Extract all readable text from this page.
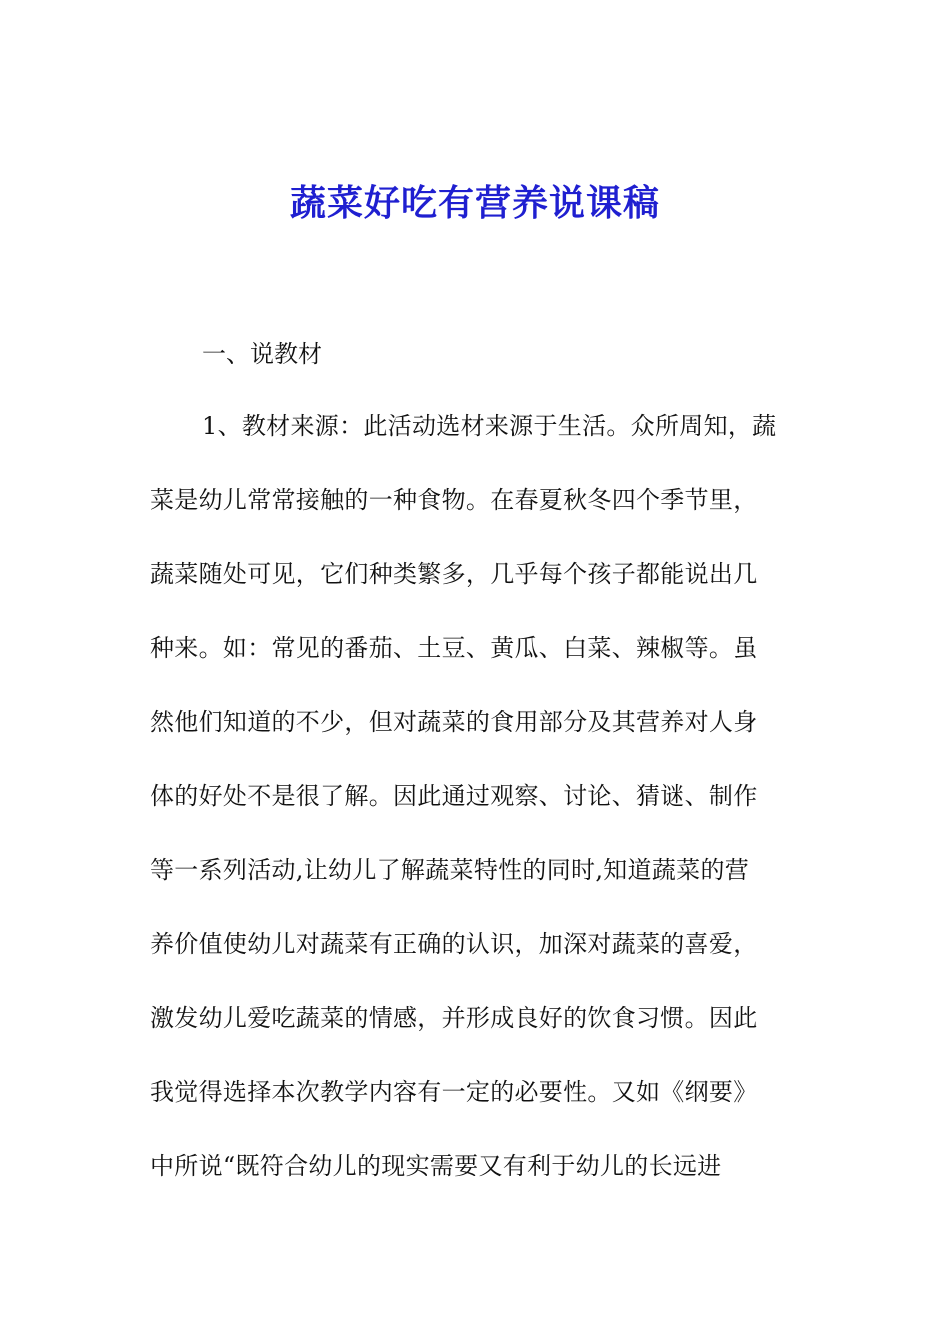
蔬菜好吃有营养说课稿
一、说教材
1、教材来源：此活动选材来源于生活。众所周知，蔬
菜是幼儿常常接触的一种食物。在春夏秋冬四个季节里，
蔬菜随处可见，它们种类繁多，几乎每个孩子都能说出几
种来。如：常见的番茄、土豆、黄瓜、白菜、辣椒等。虽
然他们知道的不少，但对蔬菜的食用部分及其营养对人身
体的好处不是很了解。因此通过观察、讨论、猜谜、制作
等一系列活动,让幼儿了解蔬菜特性的同时,知道蔬菜的营
养价值使幼儿对蔬菜有正确的认识，加深对蔬菜的喜爱，
激发幼儿爱吃蔬菜的情感，并形成良好的饮食习惯。因此
我觉得选择本次教学内容有一定的必要性。又如《纲要》
中所说“既符合幼儿的现实需要又有利于幼儿的长远进
